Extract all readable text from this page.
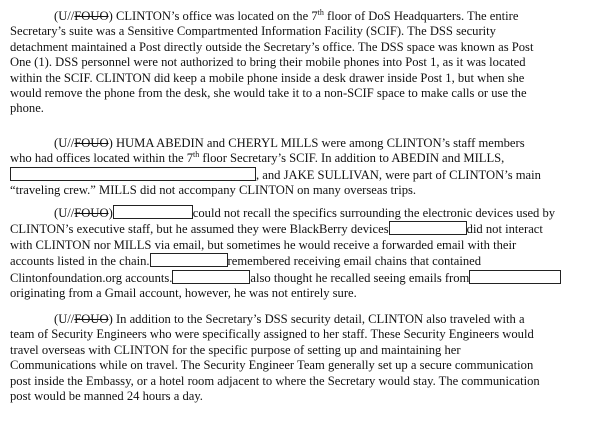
(U//FOUO) CLINTON’s office was located on the 7th floor of DoS Headquarters. The entire
Secretary’s suite was a Sensitive Compartmented Information Facility (SCIF). The DSS security
detachment maintained a Post directly outside the Secretary’s office. The DSS space was known as Post
One (1). DSS personnel were not authorized to bring their mobile phones into Post 1, as it was located
within the SCIF. CLINTON did keep a mobile phone inside a desk drawer inside Post 1, but when she
would remove the phone from the desk, she would take it to a non-SCIF space to make calls or use the
phone.
(U//FOUO) HUMA ABEDIN and CHERYL MILLS were among CLINTON’s staff members
who had offices located within the 7th floor Secretary’s SCIF. In addition to ABEDIN and MILLS,
, and JAKE SULLIVAN, were part of CLINTON’s main
“traveling crew.” MILLS did not accompany CLINTON on many overseas trips.
(U//FOUO)	could not recall the specifics surrounding the electronic devices used by
CLINTON’s executive staff, but he assumed they were BlackBerry devices	did not interact
with CLINTON nor MILLS via email, but sometimes he would receive a forwarded email with their
accounts listed in the chain.	remembered receiving email chains that contained
Clintonfoundation.org accounts.	also thought he recalled seeing emails from
originating from a Gmail account, however, he was not entirely sure.
(U//FOUO) In addition to the Secretary’s DSS security detail, CLINTON also traveled with a
team of Security Engineers who were specifically assigned to her staff. These Security Engineers would
travel overseas with CLINTON for the specific purpose of setting up and maintaining her
Communications while on travel. The Security Engineer Team generally set up a secure communication
post inside the Embassy, or a hotel room adjacent to where the Secretary would stay. The communication
post would be manned 24 hours a day.
